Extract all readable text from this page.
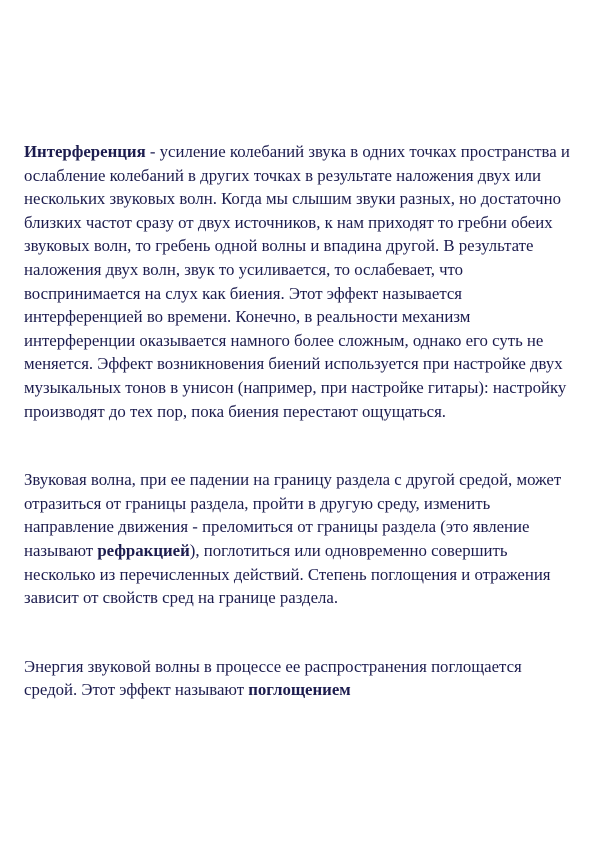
Интерференция - усиление колебаний звука в одних точках пространства и ослабление колебаний в других точках в результате наложения двух или нескольких звуковых волн. Когда мы слышим звуки разных, но достаточно близких частот сразу от двух источников, к нам приходят то гребни обеих звуковых волн, то гребень одной волны и впадина другой. В результате наложения двух волн, звук то усиливается, то ослабевает, что воспринимается на слух как биения. Этот эффект называется интерференцией во времени. Конечно, в реальности механизм интерференции оказывается намного более сложным, однако его суть не меняется. Эффект возникновения биений используется при настройке двух музыкальных тонов в унисон (например, при настройке гитары): настройку производят до тех пор, пока биения перестают ощущаться.

Звуковая волна, при ее падении на границу раздела с другой средой, может отразиться от границы раздела, пройти в другую среду, изменить направление движения - преломиться от границы раздела (это явление называют рефракцией), поглотиться или одновременно совершить несколько из перечисленных действий. Степень поглощения и отражения зависит от свойств сред на границе раздела.

Энергия звуковой волны в процессе ее распространения поглощается средой. Этот эффект называют поглощением
